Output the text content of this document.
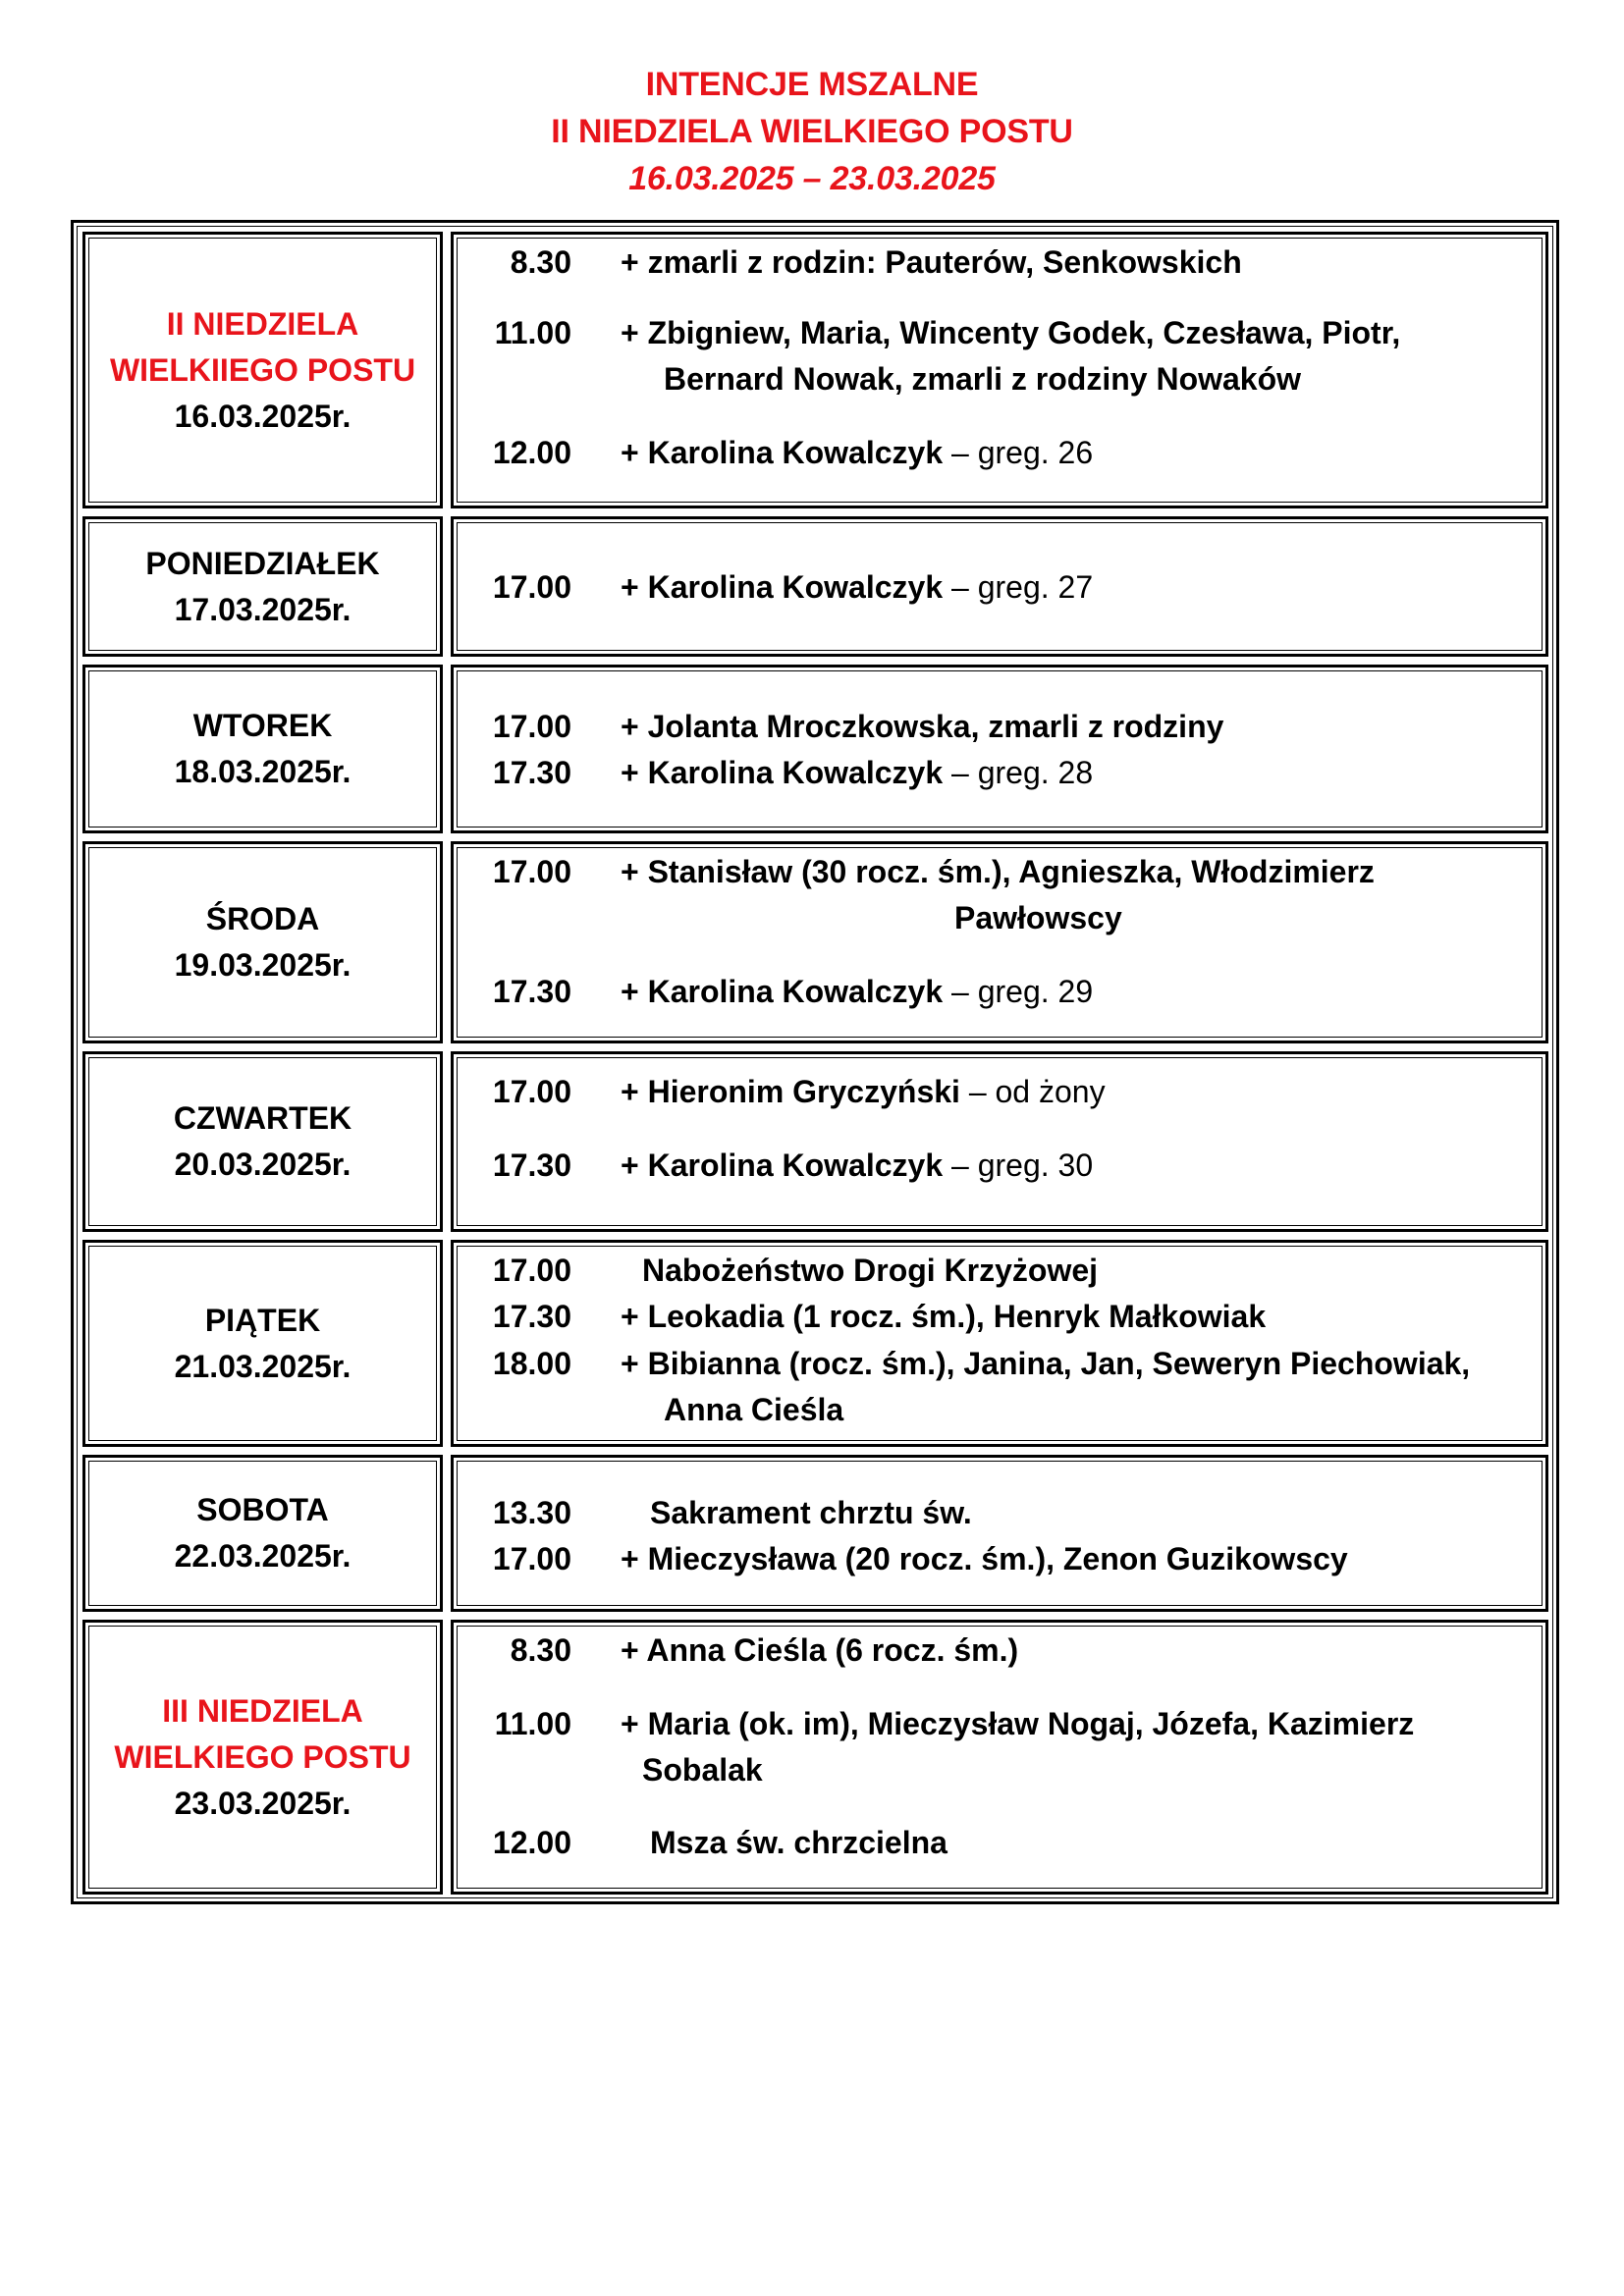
INTENCJE MSZALNE
II NIEDZIELA WIELKIEGO POSTU
16.03.2025 – 23.03.2025
II NIEDZIELA
WIELKIIEGO POSTU
16.03.2025r.
8.30 + zmarli z rodzin: Pauterów, Senkowskich
11.00 + Zbigniew, Maria, Wincenty Godek, Czesława, Piotr,
Bernard Nowak, zmarli z rodziny Nowaków
12.00 + Karolina Kowalczyk – greg. 26
PONIEDZIAŁEK
17.03.2025r.
17.00 + Karolina Kowalczyk – greg. 27
WTOREK
18.03.2025r.
17.00 + Jolanta Mroczkowska, zmarli z rodziny
17.30 + Karolina Kowalczyk – greg. 28
ŚRODA
19.03.2025r.
17.00 + Stanisław (30 rocz. śm.), Agnieszka, Włodzimierz
Pawłowscy
17.30 + Karolina Kowalczyk – greg. 29
CZWARTEK
20.03.2025r.
17.00 + Hieronim Gryczyński – od żony
17.30 + Karolina Kowalczyk – greg. 30
PIĄTEK
21.03.2025r.
17.00 Nabożeństwo Drogi Krzyżowej
17.30 + Leokadia (1 rocz. śm.), Henryk Małkowiak
18.00 + Bibianna (rocz. śm.), Janina, Jan, Seweryn Piechowiak,
Anna Cieśla
SOBOTA
22.03.2025r.
13.30	Sakrament chrztu św.
17.00 + Mieczysława (20 rocz. śm.), Zenon Guzikowscy
III NIEDZIELA
WIELKIEGO POSTU
23.03.2025r.
8.30 + Anna Cieśla (6 rocz. śm.)
11.00 + Maria (ok. im), Mieczysław Nogaj, Józefa, Kazimierz
Sobalak
12.00	Msza św. chrzcielna
